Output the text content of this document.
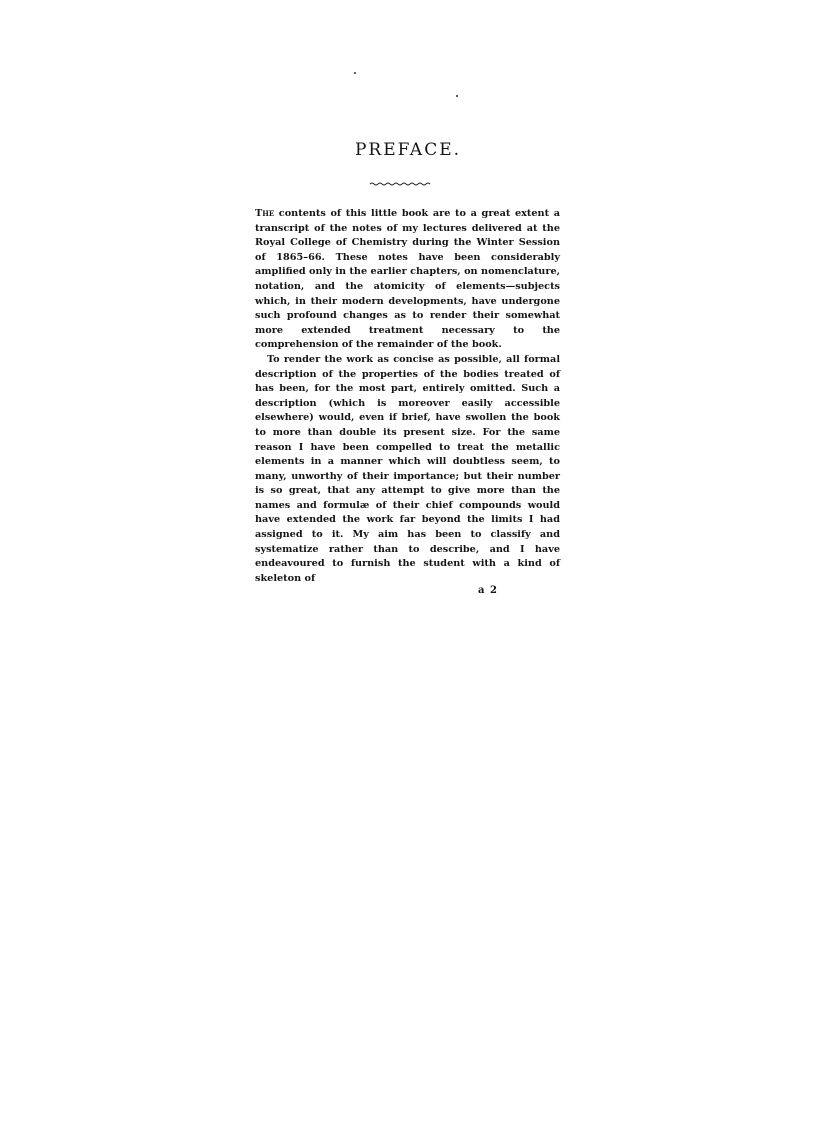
PREFACE.

The contents of this little book are to a great extent a transcript of the notes of my lectures delivered at the Royal College of Chemistry during the Winter Session of 1865–66. These notes have been considerably amplified only in the earlier chapters, on nomenclature, notation, and the atomicity of elements—subjects which, in their modern developments, have undergone such profound changes as to render their somewhat more extended treatment necessary to the comprehension of the remainder of the book.

To render the work as concise as possible, all formal description of the properties of the bodies treated of has been, for the most part, entirely omitted. Such a description (which is moreover easily accessible elsewhere) would, even if brief, have swollen the book to more than double its present size. For the same reason I have been compelled to treat the metallic elements in a manner which will doubtless seem, to many, unworthy of their importance; but their number is so great, that any attempt to give more than the names and formulæ of their chief compounds would have extended the work far beyond the limits I had assigned to it. My aim has been to classify and systematize rather than to describe, and I have endeavoured to furnish the student with a kind of skeleton of

a 2
